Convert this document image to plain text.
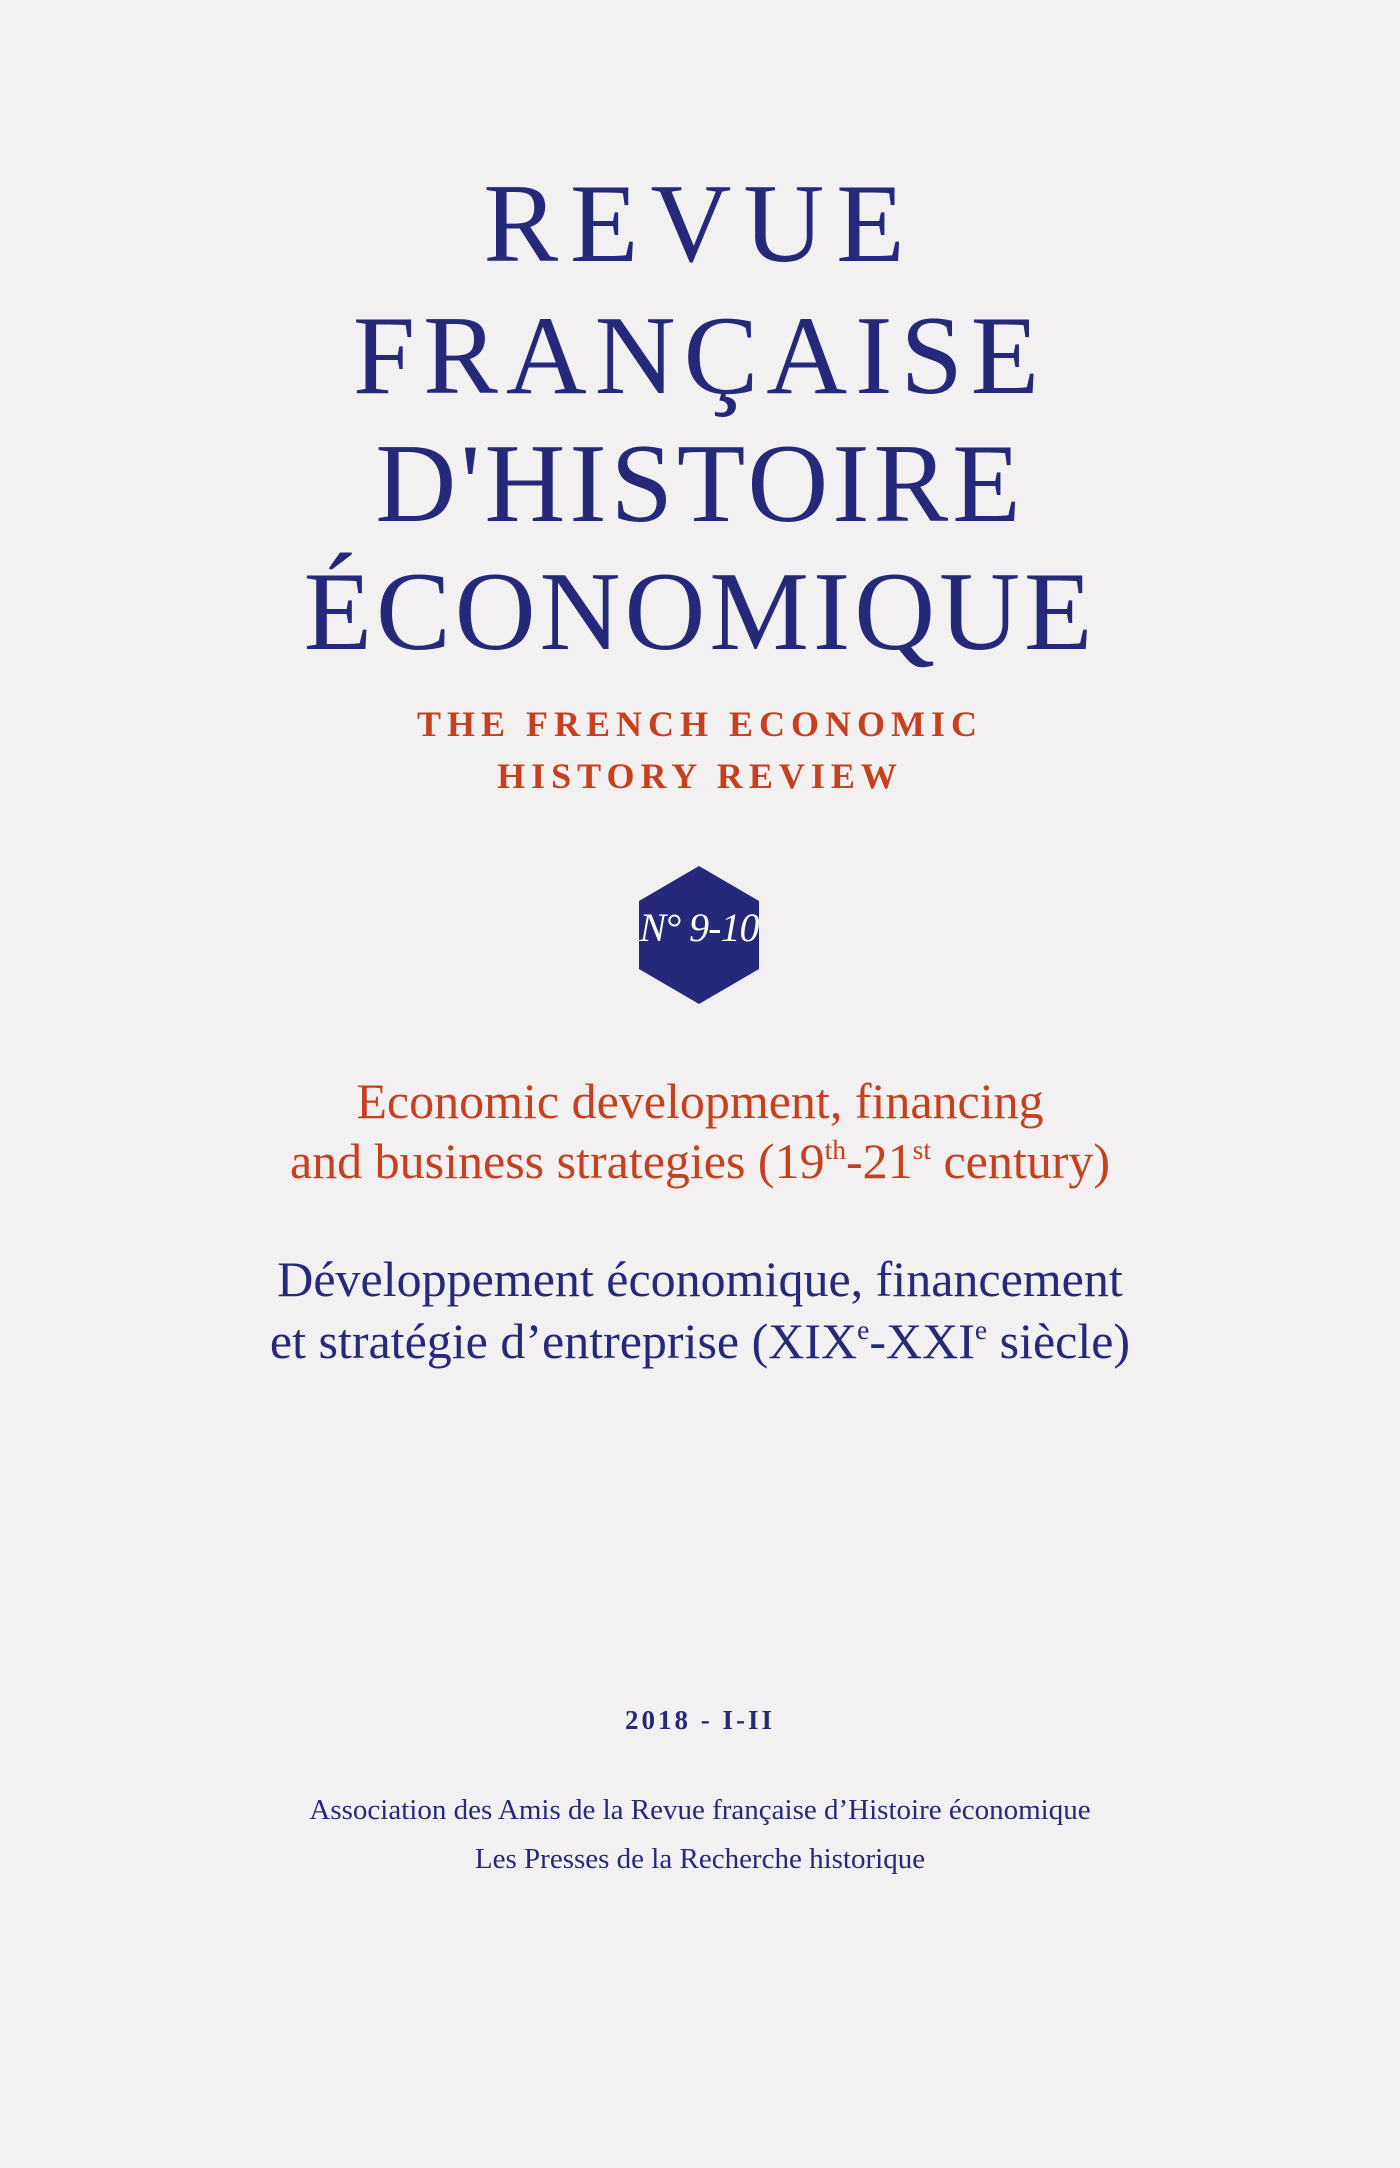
REVUE
FRANÇAISE
D'HISTOIRE
ÉCONOMIQUE
THE FRENCH ECONOMIC
HISTORY REVIEW
N° 9-10
Economic development, financing
and business strategies (19th-21st century)
Développement économique, financement
et stratégie d’entreprise (XIXe-XXIe siècle)
2018 - I-II
Association des Amis de la Revue française d’Histoire économique
Les Presses de la Recherche historique
